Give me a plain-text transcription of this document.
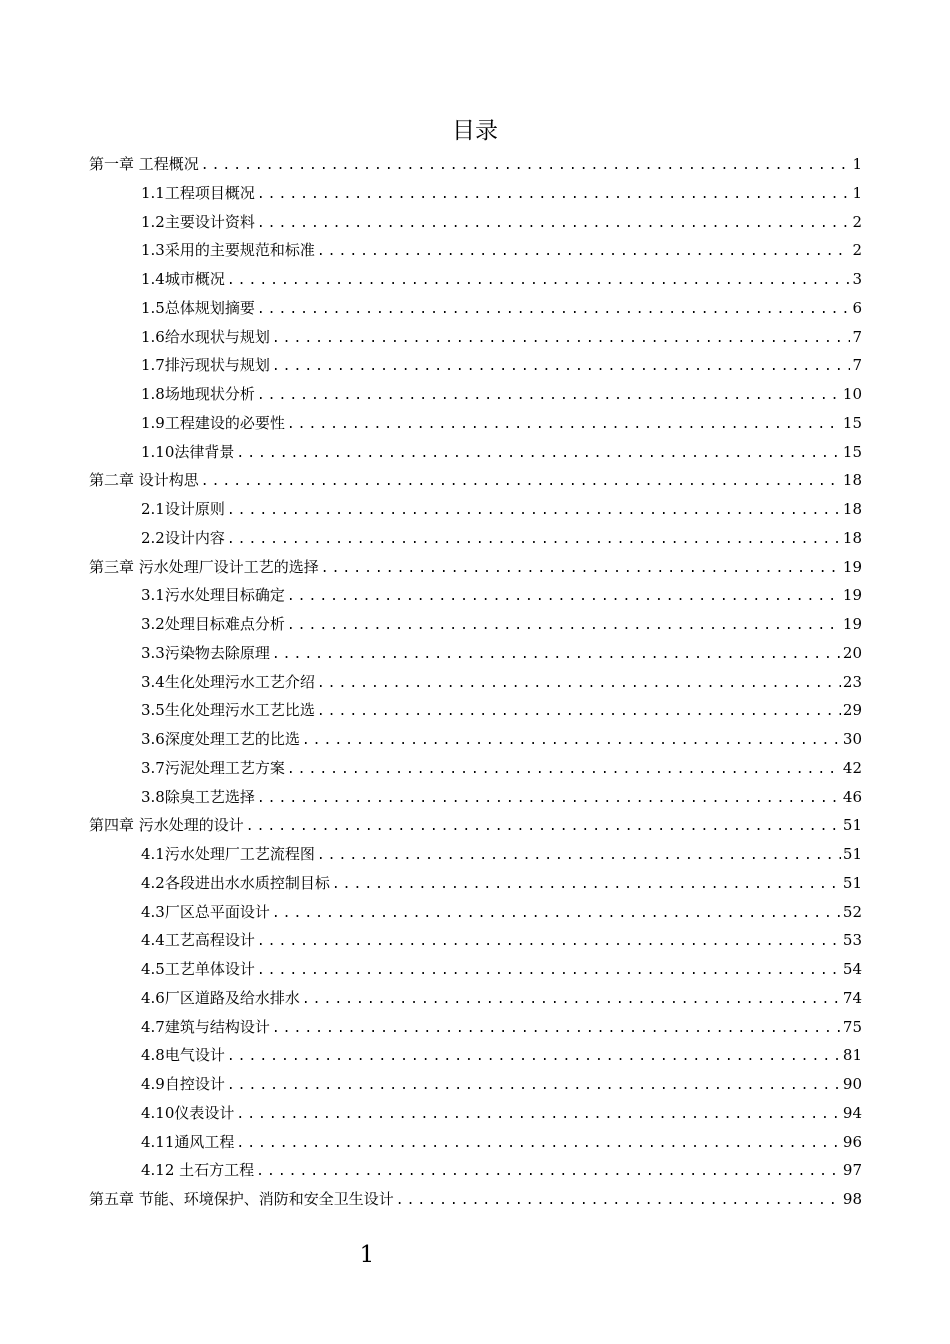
目录
第一章 工程概况 .....	1
1.1工程项目概况 .....	1
1.2主要设计资料 .....	2
1.3采用的主要规范和标准 .....	2
1.4城市概况 .....	3
1.5总体规划摘要 .....	6
1.6给水现状与规划 .....	7
1.7排污现状与规划 .....	7
1.8场地现状分析 .....	10
1.9工程建设的必要性 .....	15
1.10法律背景 .....	15
第二章 设计构思 .....	18
2.1设计原则 .....	18
2.2设计内容 .....	18
第三章 污水处理厂设计工艺的选择 .....	19
3.1污水处理目标确定 .....	19
3.2处理目标难点分析 .....	19
3.3污染物去除原理 .....	20
3.4生化处理污水工艺介绍 .....	23
3.5生化处理污水工艺比选 .....	29
3.6深度处理工艺的比选 .....	30
3.7污泥处理工艺方案 .....	42
3.8除臭工艺选择 .....	46
第四章 污水处理的设计 .....	51
4.1污水处理厂工艺流程图 .....	51
4.2各段进出水水质控制目标 .....	51
4.3厂区总平面设计 .....	52
4.4工艺高程设计 .....	53
4.5工艺单体设计 .....	54
4.6厂区道路及给水排水 .....	74
4.7建筑与结构设计 .....	75
4.8电气设计 .....	81
4.9自控设计 .....	90
4.10仪表设计 .....	94
4.11通风工程 .....	96
4.12 土石方工程 .....	97
第五章 节能、环境保护、消防和安全卫生设计 .....	98
1
